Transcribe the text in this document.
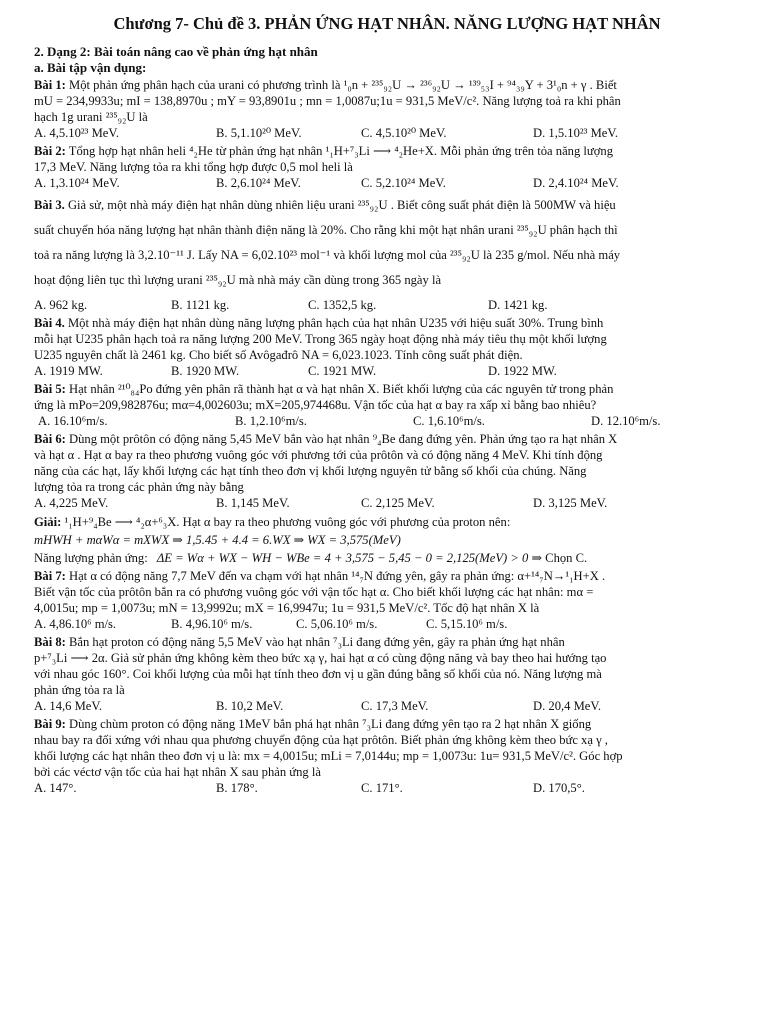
Chương 7- Chủ đề 3. PHẢN ỨNG HẠT NHÂN. NĂNG LƯỢNG HẠT NHÂN
2. Dạng 2: Bài toán nâng cao về phản ứng hạt nhân
a. Bài tập vận dụng:

Bài 1: Một phản ứng phân hạch của urani có phương trình là ¹₀n + ²³⁵₉₂U → ²³⁶₉₂U → ¹³⁹₅₃I + ⁹⁴₃₉Y + 3¹₀n + γ . Biết

mU = 234,9933u; mI = 138,8970u ; mY = 93,8901u ; mn = 1,0087u;1u = 931,5 MeV/c². Năng lượng toả ra khi phân

hạch 1g urani ²³⁵₉₂U là

A. 4,5.10²³ MeV.	B. 5,1.10²⁰ MeV.	C. 4,5.10²⁰ MeV.	D. 1,5.10²³ MeV.

Bài 2: Tổng hợp hạt nhân heli ⁴₂He từ phản ứng hạt nhân ¹₁H+⁷₃Li ⟶ ⁴₂He+X. Mỗi phản ứng trên tỏa năng lượng

17,3 MeV. Năng lượng tỏa ra khi tổng hợp được 0,5 mol heli là

A. 1,3.10²⁴ MeV.	B. 2,6.10²⁴ MeV.	C. 5,2.10²⁴ MeV.	D. 2,4.10²⁴ MeV.

Bài 3. Giả sử, một nhà máy điện hạt nhân dùng nhiên liệu urani ²³⁵₉₂U . Biết công suất phát điện là 500MW và hiệu

suất chuyển hóa năng lượng hạt nhân thành điện năng là 20%. Cho rằng khi một hạt nhân urani ²³⁵₉₂U phân hạch thì

toả ra năng lượng là 3,2.10⁻¹¹ J. Lấy NA = 6,02.10²³ mol⁻¹ và khối lượng mol của ²³⁵₉₂U là 235 g/mol. Nếu nhà máy

hoạt động liên tục thì lượng urani ²³⁵₉₂U mà nhà máy cần dùng trong 365 ngày là

A. 962 kg.	B. 1121 kg.	C. 1352,5 kg.	D. 1421 kg.

Bài 4. Một nhà máy điện hạt nhân dùng năng lượng phân hạch của hạt nhân U235 với hiệu suất 30%. Trung bình

mỗi hạt U235 phân hạch toả ra năng lượng 200 MeV. Trong 365 ngày hoạt động nhà máy tiêu thụ một khối lượng

U235 nguyên chất là 2461 kg. Cho biết số Avôgađrô NA = 6,023.1023. Tính công suất phát điện.

A. 1919 MW.	B. 1920 MW.	C. 1921 MW.	D. 1922 MW.

Bài 5: Hạt nhân ²¹⁰₈₄Po đứng yên phân rã thành hạt α và hạt nhân X. Biết khối lượng của các nguyên tử trong phản

ứng là mPo=209,982876u; mα=4,002603u; mX=205,974468u. Vận tốc của hạt α bay ra xấp xỉ bằng bao nhiêu?

A. 16.10⁶m/s.	B. 1,2.10⁶m/s.	C. 1,6.10⁶m/s.	D. 12.10⁶m/s.

Bài 6: Dùng một prôtôn có động năng 5,45 MeV bắn vào hạt nhân ⁹₄Be đang đứng yên. Phản ứng tạo ra hạt nhân X

và hạt α . Hạt α bay ra theo phương vuông góc với phương tới của prôtôn và có động năng 4 MeV. Khi tính động

năng của các hạt, lấy khối lượng các hạt tính theo đơn vị khối lượng nguyên tử bằng số khối của chúng. Năng

lượng tỏa ra trong các phản ứng này bằng

A. 4,225 MeV.	B. 1,145 MeV.	C. 2,125 MeV.	D. 3,125 MeV.

Giải: ¹₁H+⁹₄Be ⟶ ⁴₂α+⁶₃X. Hạt α bay ra theo phương vuông góc với phương của proton nên:

mHWH + mαWα = mXWX ⇒ 1,5.45 + 4.4 = 6.WX ⇒ WX = 3,575(MeV)

Năng lượng phản ứng: ΔE = Wα + WX − WH − WBe = 4 + 3,575 − 5,45 − 0 = 2,125(MeV) > 0 ⇒ Chọn C.

Bài 7: Hạt α có động năng 7,7 MeV đến va chạm với hạt nhân ¹⁴₇N đứng yên, gây ra phản ứng: α+¹⁴₇N→¹₁H+X .

Biết vận tốc của prôtôn bắn ra có phương vuông góc với vận tốc hạt α. Cho biết khối lượng các hạt nhân: mα =

4,0015u; mp = 1,0073u; mN = 13,9992u; mX = 16,9947u; 1u = 931,5 MeV/c². Tốc độ hạt nhân X là

A. 4,86.10⁶ m/s.	B. 4,96.10⁶ m/s.	C. 5,06.10⁶ m/s.	C. 5,15.10⁶ m/s.

Bài 8: Bắn hạt proton có động năng 5,5 MeV vào hạt nhân ⁷₃Li đang đứng yên, gây ra phản ứng hạt nhân

p+⁷₃Li ⟶ 2α. Giả sử phản ứng không kèm theo bức xạ γ, hai hạt α có cùng động năng và bay theo hai hướng tạo

với nhau góc 160°. Coi khối lượng của mỗi hạt tính theo đơn vị u gần đúng bằng số khối của nó. Năng lượng mà

phản ứng tỏa ra là

A. 14,6 MeV.	B. 10,2 MeV.	C. 17,3 MeV.	D. 20,4 MeV.

Bài 9: Dùng chùm proton có động năng 1MeV bắn phá hạt nhân ⁷₃Li đang đứng yên tạo ra 2 hạt nhân X giống

nhau bay ra đối xứng với nhau qua phương chuyển động của hạt prôtôn. Biết phản ứng không kèm theo bức xạ γ ,

khối lượng các hạt nhân theo đơn vị u là: mx = 4,0015u; mLi = 7,0144u; mp = 1,0073u: 1u= 931,5 MeV/c². Góc hợp

bởi các véctơ vận tốc của hai hạt nhân X sau phản ứng là

A. 147°.	B. 178°.	C. 171°.	D. 170,5°.
